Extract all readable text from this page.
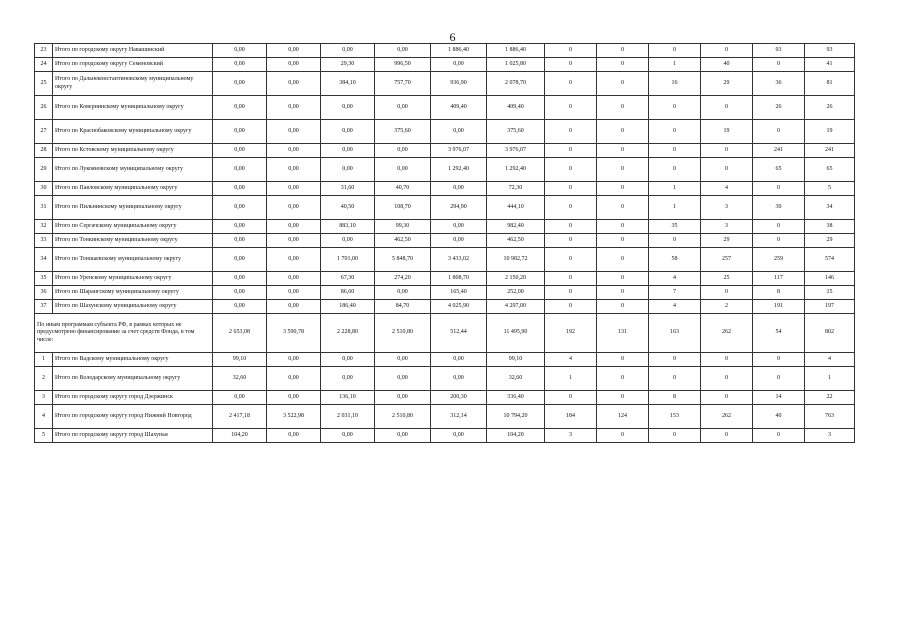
6
23	Итого по городскому округу Навашинский	0,00	0,00	0,00	0,00	1 886,40	1 886,40	0	0	0	0	93	93
24	Итого по городскому округу Семеновский	0,00	0,00	29,30	996,50	0,00	1 025,80	0	0	1	40	0	41
25	Итого по Дальнеконстантиновскому муниципальному округу	0,00	0,00	384,10	757,70	936,90	2 078,70	0	0	16	29	36	81
26	Итого по Ковернинскому муниципальному округу	0,00	0,00	0,00	0,00	409,40	409,40	0	0	0	0	26	26
27	Итого по Краснобаковскому муниципальному округу	0,00	0,00	0,00	375,60	0,00	375,60	0	0	0	19	0	19
28	Итого по Кстовскому муниципальному округу	0,00	0,00	0,00	0,00	3 976,07	3 976,07	0	0	0	0	241	241
29	Итого по Лукояновскому муниципальному округу	0,00	0,00	0,00	0,00	1 292,40	1 292,40	0	0	0	0	65	65
30	Итого по Павловскому муниципальному округу	0,00	0,00	31,60	40,70	0,00	72,30	0	0	1	4	0	5
31	Итого по Пильнинскому муниципальному округу	0,00	0,00	40,50	108,70	294,90	444,10	0	0	1	3	30	34
32	Итого по Сергачскому муниципальному округу	0,00	0,00	883,10	99,30	0,00	982,40	0	0	35	3	0	38
33	Итого по Тонкинскому муниципальному округу	0,00	0,00	0,00	462,50	0,00	462,50	0	0	0	29	0	29
34	Итого по Тоншаевскому муниципальному округу	0,00	0,00	1 701,00	5 848,70	3 433,02	10 982,72	0	0	58	257	259	574
35	Итого по Уренскому муниципальному округу	0,00	0,00	67,30	274,20	1 808,70	2 150,20	0	0	4	25	117	146
36	Итого по Шарангскому муниципальному округу	0,00	0,00	86,60	0,00	165,40	252,00	0	0	7	0	8	15
37	Итого по Шахунскому муниципальному округу	0,00	0,00	186,40	84,70	4 025,90	4 297,00	0	0	4	2	191	197
По иным программам субъекта РФ, в рамках которых не предусмотрено финансирование за счет средств Фонда, в том числе:		2 653,08	3 590,78	2 228,80	2 510,80	512,44	11 495,90	192	131	163	262	54	802
1	Итого по Вадскому муниципальному округу	99,10	0,00	0,00	0,00	0,00	99,10	4	0	0	0	0	4
2	Итого по Володарскому муниципальному округу	32,60	0,00	0,00	0,00	0,00	32,60	1	0	0	0	0	1
3	Итого по городскому округу город Дзержинск	0,00	0,00	136,10	0,00	200,30	336,40	0	0	8	0	14	22
4	Итого по городскому округу город Нижний Новгород	2 417,18	3 522,98	2 031,10	2 510,80	312,14	10 794,20	184	124	153	262	40	763
5	Итого по городскому округу город Шахунья	104,20	0,00	0,00	0,00	0,00	104,20	3	0	0	0	0	3
